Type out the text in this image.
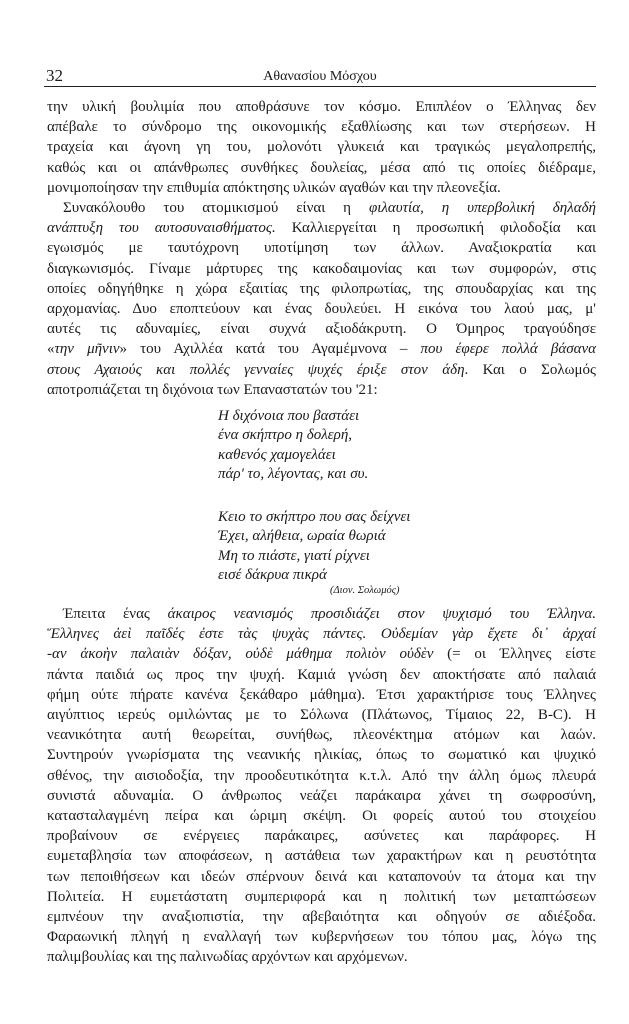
32	Αθανασίου Μόσχου
την υλική βουλιμία που αποθράσυνε τον κόσμο. Επιπλέον ο Έλληνας δεν
απέβαλε το σύνδρομο της οικονομικής εξαθλίωσης και των στερήσεων. Η
τραχεία και άγονη γη του, μολονότι γλυκειά και τραγικώς μεγαλοπρεπής,
καθώς και οι απάνθρωπες συνθήκες δουλείας, μέσα από τις οποίες διέδραμε,
μονιμοποίησαν την επιθυμία απόκτησης υλικών αγαθών και την πλεονεξία.
Συνακόλουθο του ατομικισμού είναι η φιλαυτία, η υπερβολική δηλαδή
ανάπτυξη του αυτοσυναισθήματος. Καλλιεργείται η προσωπική φιλοδοξία και
εγωισμός με ταυτόχρονη υποτίμηση των άλλων. Αναξιοκρατία και
διαγκωνισμός. Γίναμε μάρτυρες της κακοδαιμονίας και των συμφορών, στις
οποίες οδηγήθηκε η χώρα εξαιτίας της φιλοπρωτίας, της σπουδαρχίας και της
αρχομανίας. Δυο εποπτεύουν και ένας δουλεύει. Η εικόνα του λαού μας, μ'
αυτές τις αδυναμίες, είναι συχνά αξιοδάκρυτη. Ο Όμηρος τραγούδησε
«την μῆνιν» του Αχιλλέα κατά του Αγαμέμνονα – που έφερε πολλά βάσανα
στους Αχαιούς και πολλές γενναίες ψυχές έριξε στον άδη. Και ο Σολωμός
αποτροπιάζεται τη διχόνοια των Επαναστατών του '21:
Η διχόνοια που βαστάει
ένα σκήπτρο η δολερή,
καθενός χαμογελάει
πάρ' το, λέγοντας, και συ.
Κειο το σκήπτρο που σας δείχνει
Έχει, αλήθεια, ωραία θωριά
Μη το πιάστε, γιατί ρίχνει
εισέ δάκρυα πικρά
(Διον. Σολωμός)
Έπειτα ένας άκαιρος νεανισμός προσιδιάζει στον ψυχισμό του Έλληνα.
Ἕλληνες ἀεὶ παῖδές ἐστε τὰς ψυχὰς πάντες. Οὐδεμίαν γὰρ ἔχετε δι᾽ ἀρχαί
-αν ἀκοὴν παλαιὰν δόξαν, οὐδὲ μάθημα πολιὸν οὐδὲν (= οι Έλληνες είστε
πάντα παιδιά ως προς την ψυχή. Καμιά γνώση δεν αποκτήσατε από παλαιά
φήμη ούτε πήρατε κανένα ξεκάθαρο μάθημα). Έτσι χαρακτήρισε τους Έλληνες
αιγύπτιος ιερεύς ομιλώντας με το Σόλωνα (Πλάτωνος, Τίμαιος 22, Β-C). Η
νεανικότητα αυτή θεωρείται, συνήθως, πλεονέκτημα ατόμων και λαών.
Συντηρούν γνωρίσματα της νεανικής ηλικίας, όπως το σωματικό και ψυχικό
σθένος, την αισιοδοξία, την προοδευτικότητα κ.τ.λ. Από την άλλη όμως πλευρά
συνιστά αδυναμία. Ο άνθρωπος νεάζει παράκαιρα χάνει τη σωφροσύνη,
κατασταλαγμένη πείρα και ώριμη σκέψη. Οι φορείς αυτού του στοιχείου
προβαίνουν σε ενέργειες παράκαιρες, ασύνετες και παράφορες. Η
ευμεταβλησία των αποφάσεων, η αστάθεια των χαρακτήρων και η ρευστότητα
των πεποιθήσεων και ιδεών σπέρνουν δεινά και καταπονούν τα άτομα και την
Πολιτεία. Η ευμετάστατη συμπεριφορά και η πολιτική των μεταπτώσεων
εμπνέουν την αναξιοπιστία, την αβεβαιότητα και οδηγούν σε αδιέξοδα.
Φαραωνική πληγή η εναλλαγή των κυβερνήσεων του τόπου μας, λόγω της
παλιμβουλίας και της παλινωδίας αρχόντων και αρχόμενων.
